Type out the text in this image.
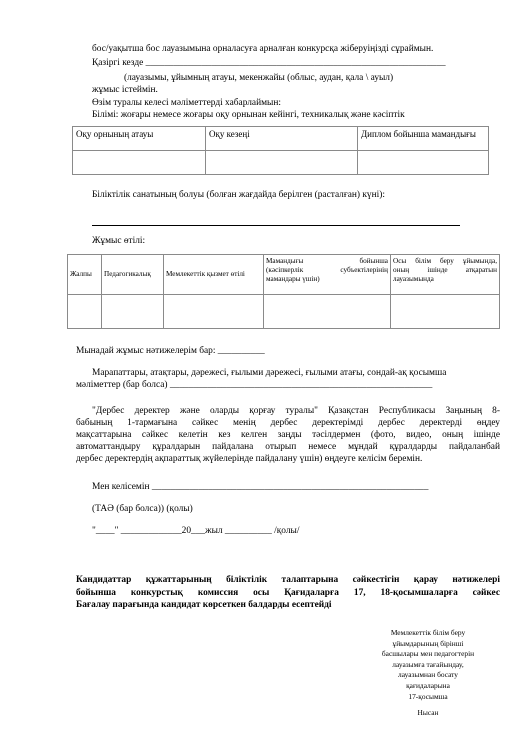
бос/уақытша бос лауазымына орналасуға арналған конкурсқа жіберуіңізді сұраймын.
Қазіргі кезде ________________________________________________________________
(лауазымы, ұйымның атауы, мекенжайы (облыс, аудан, қала \ ауыл)
жұмыс істеймін.
Өзім туралы келесі мәліметтерді хабарлаймын:
Білімі: жоғары немесе жоғары оқу орнынан кейінгі, техникалық және кәсіптік
Оқу орнының атауы	Оқу кезеңі	Диплом бойынша мамандығы

Біліктілік санатының болуы (болған жағдайда берілген (расталған) күні):
Жұмыс өтілі:
Жалпы	Педагогикалық	Мемлекеттік қызмет өтілі	Мамандығы бойынша
(кәсіпкерлік субъектілерінің
мамандары үшін)	Осы білім беру ұйымында,
оның ішінде атқаратын
лауазымында

Мынадай жұмыс нәтижелерім бар: __________
Марапаттары, атақтары, дәрежесі, ғылыми дәрежесі, ғылыми атағы, сондай-ақ қосымша
мәліметтер (бар болса) ________________________________________________________
"Дербес деректер және оларды қорғау туралы" Қазақстан Республикасы Заңының 8-
бабының 1-тармағына сәйкес менің дербес деректерімді дербес деректерді өңдеу
мақсаттарына сәйкес келетін кез келген заңды тәсілдермен (фото, видео, оның ішінде
автоматтандыру құралдарын пайдалана отырып немесе мұндай құралдарды пайдаланбай
дербес деректердің ақпараттық жүйелерінде пайдалану үшін) өңдеуге келісім беремін.
Мен келісемін ___________________________________________________________
(ТАӘ (бар болса)) (қолы)
"____" _____________20___жыл __________ /қолы/
Кандидаттар құжаттарының біліктілік талаптарына сәйкестігін қарау нәтижелері
бойынша конкурстық комиссия осы Қағидаларға 17, 18-қосымшаларға сәйкес
Бағалау парағында кандидат көрсеткен балдарды есептейді
Мемлекеттік білім беру
ұйымдарының бірінші
басшылары мен педагогтерін
лауазымға тағайындау,
лауазымнан босату
қағидаларына
17-қосымша
Нысан
